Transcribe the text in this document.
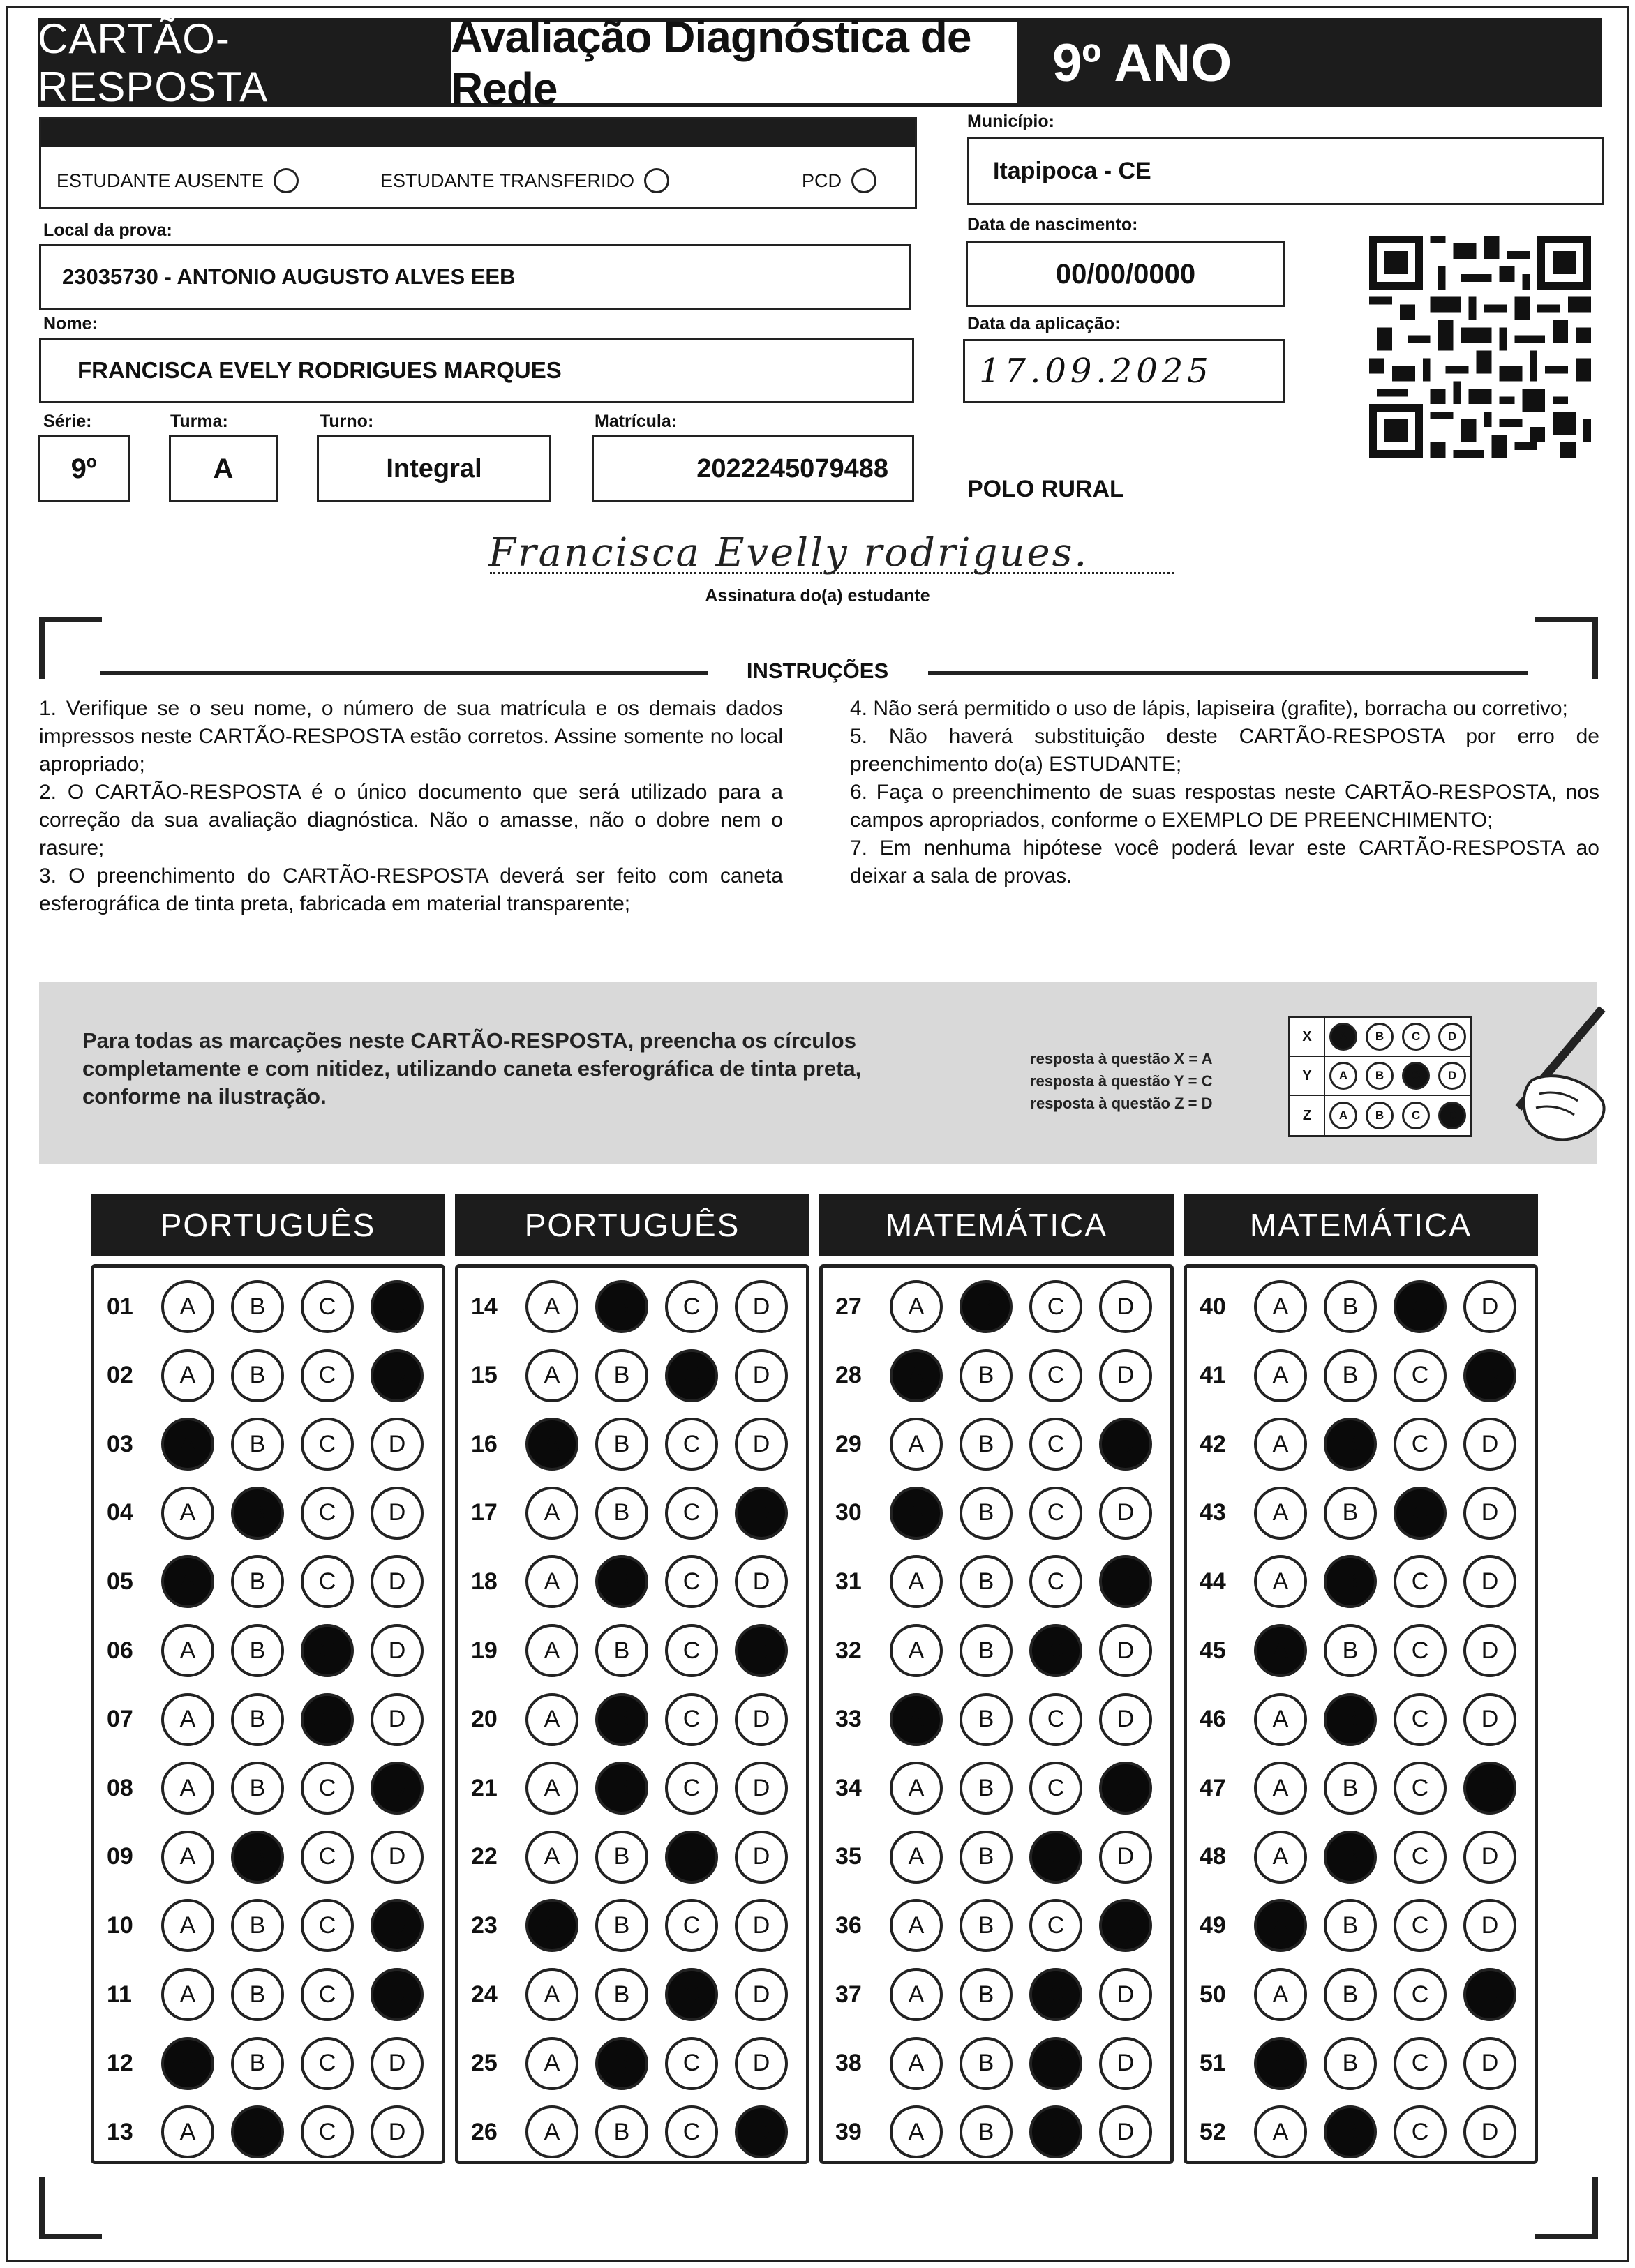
CARTÃO-RESPOSTA
Avaliação Diagnóstica de Rede	9º ANO
ESTUDANTE AUSENTE	ESTUDANTE TRANSFERIDO	PCD
Município:
Itapipoca - CE
Local da prova:
23035730 - ANTONIO AUGUSTO ALVES EEB
Data de nascimento:
00/00/0000
Data da aplicação:
17.09.2025
Nome:
FRANCISCA EVELY RODRIGUES MARQUES
Série:
9º
Turma:
A
Turno:
Integral
Matrícula:
2022245079488
POLO RURAL
Francisca Evelly rodrigues.
Assinatura do(a) estudante
INSTRUÇÕES

1. Verifique se o seu nome, o número de sua matrícula e os demais dados impressos neste CARTÃO-RESPOSTA estão corretos. Assine somente no local apropriado;

2. O CARTÃO-RESPOSTA é o único documento que será utilizado para a correção da sua avaliação diagnóstica. Não o amasse, não o dobre nem o rasure;

3. O preenchimento do CARTÃO-RESPOSTA deverá ser feito com caneta esferográfica de tinta preta, fabricada em material transparente;

4. Não será permitido o uso de lápis, lapiseira (grafite), borracha ou corretivo;

5. Não haverá substituição deste CARTÃO-RESPOSTA por erro de preenchimento do(a) ESTUDANTE;

6. Faça o preenchimento de suas respostas neste CARTÃO-RESPOSTA, nos campos apropriados, conforme o EXEMPLO DE PREENCHIMENTO;

7. Em nenhuma hipótese você poderá levar este CARTÃO-RESPOSTA ao deixar a sala de provas.

Para todas as marcações neste CARTÃO-RESPOSTA, preencha os círculos completamente e com nitidez, utilizando caneta esferográfica de tinta preta, conforme na ilustração.
resposta à questão X = A
resposta à questão Y = C
resposta à questão Z = D
X	A	B	C	D
Y	A	B	C	D
Z	A	B	C	D
PORTUGUÊS
01	A	B	C	D
02	A	B	C	D
03	A	B	C	D
04	A	B	C	D
05	A	B	C	D
06	A	B	C	D
07	A	B	C	D
08	A	B	C	D
09	A	B	C	D
10	A	B	C	D
11	A	B	C	D
12	A	B	C	D
13	A	B	C	D
PORTUGUÊS
14	A	B	C	D
15	A	B	C	D
16	A	B	C	D
17	A	B	C	D
18	A	B	C	D
19	A	B	C	D
20	A	B	C	D
21	A	B	C	D
22	A	B	C	D
23	A	B	C	D
24	A	B	C	D
25	A	B	C	D
26	A	B	C	D
MATEMÁTICA
27	A	B	C	D
28	A	B	C	D
29	A	B	C	D
30	A	B	C	D
31	A	B	C	D
32	A	B	C	D
33	A	B	C	D
34	A	B	C	D
35	A	B	C	D
36	A	B	C	D
37	A	B	C	D
38	A	B	C	D
39	A	B	C	D
MATEMÁTICA
40	A	B	C	D
41	A	B	C	D
42	A	B	C	D
43	A	B	C	D
44	A	B	C	D
45	A	B	C	D
46	A	B	C	D
47	A	B	C	D
48	A	B	C	D
49	A	B	C	D
50	A	B	C	D
51	A	B	C	D
52	A	B	C	D
